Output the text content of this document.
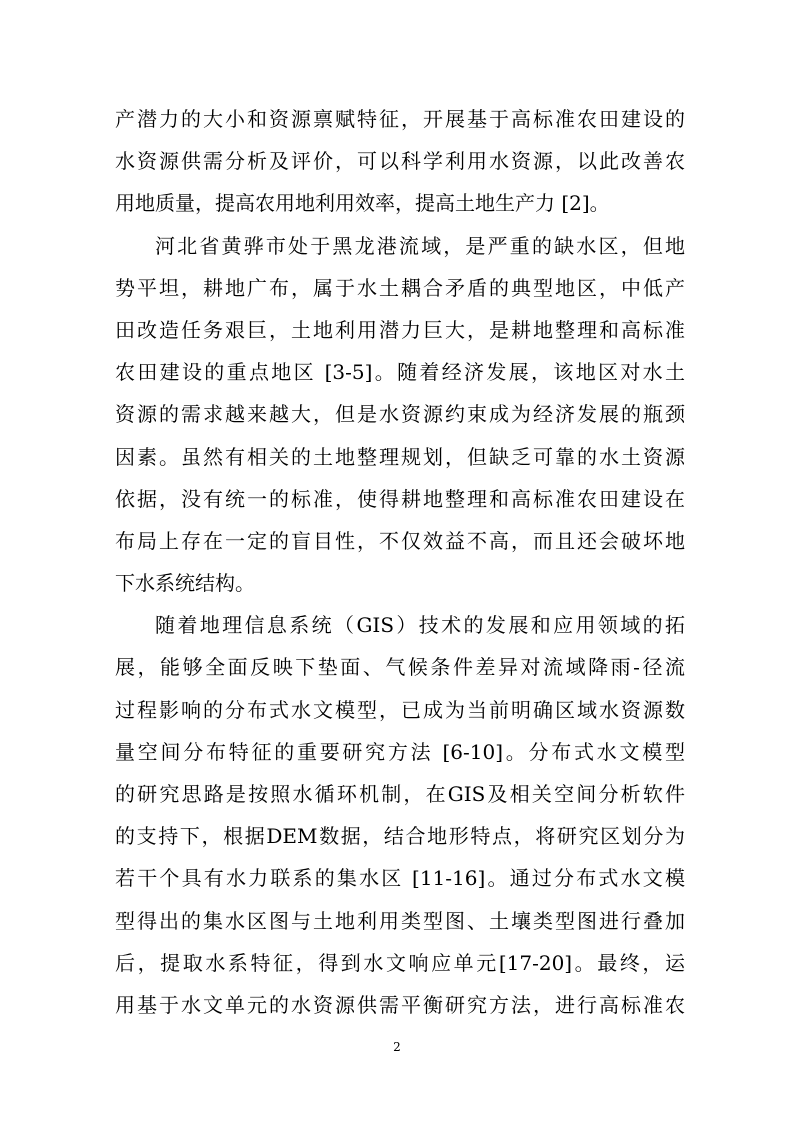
产潜力的大小和资源禀赋特征，开展基于高标准农田建设的
水资源供需分析及评价，可以科学利用水资源，以此改善农
用地质量，提高农用地利用效率，提高土地生产力 [2]。
河北省黄骅市处于黑龙港流域，是严重的缺水区，但地
势平坦，耕地广布，属于水土耦合矛盾的典型地区，中低产
田改造任务艰巨，土地利用潜力巨大，是耕地整理和高标准
农田建设的重点地区 [3-5]。随着经济发展，该地区对水土
资源的需求越来越大，但是水资源约束成为经济发展的瓶颈
因素。虽然有相关的土地整理规划，但缺乏可靠的水土资源
依据，没有统一的标准，使得耕地整理和高标准农田建设在
布局上存在一定的盲目性，不仅效益不高，而且还会破坏地
下水系统结构。
随着地理信息系统（GIS）技术的发展和应用领域的拓
展，能够全面反映下垫面、气候条件差异对流域降雨-径流
过程影响的分布式水文模型，已成为当前明确区域水资源数
量空间分布特征的重要研究方法 [6-10]。分布式水文模型
的研究思路是按照水循环机制，在GIS及相关空间分析软件
的支持下，根据DEM数据，结合地形特点，将研究区划分为
若干个具有水力联系的集水区 [11-16]。通过分布式水文模
型得出的集水区图与土地利用类型图、土壤类型图进行叠加
后，提取水系特征，得到水文响应单元[17-20]。最终，运
用基于水文单元的水资源供需平衡研究方法，进行高标准农
2
